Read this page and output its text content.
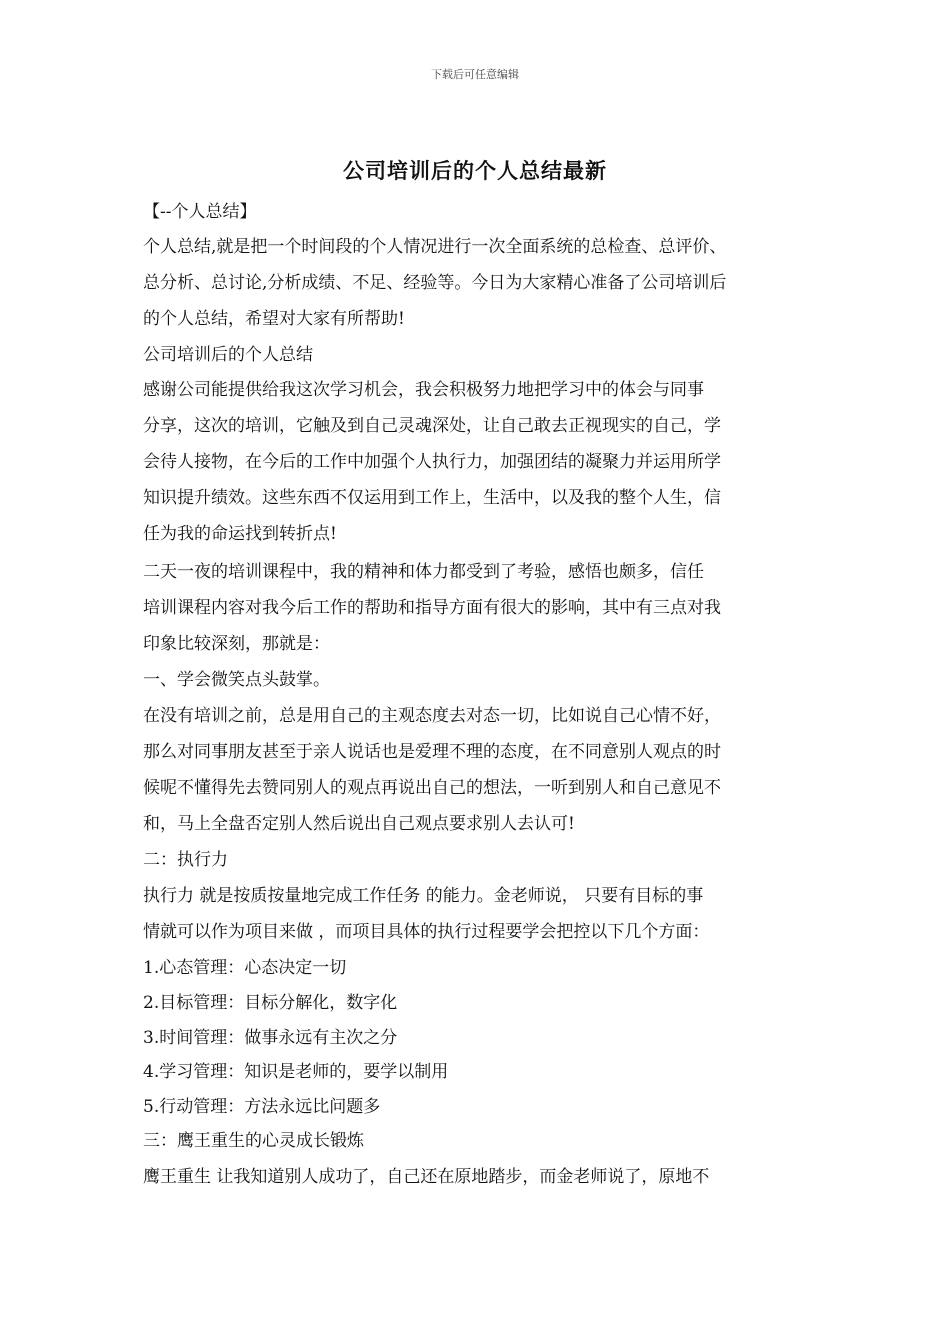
下载后可任意编辑
公司培训后的个人总结最新
【--个人总结】
个人总结,就是把一个时间段的个人情况进行一次全面系统的总检查、总评价、
总分析、总讨论,分析成绩、不足、经验等。今日为大家精心准备了公司培训后
的个人总结，希望对大家有所帮助!
公司培训后的个人总结
感谢公司能提供给我这次学习机会，我会积极努力地把学习中的体会与同事
分享，这次的培训，它触及到自己灵魂深处，让自己敢去正视现实的自己，学
会待人接物，在今后的工作中加强个人执行力，加强团结的凝聚力并运用所学
知识提升绩效。这些东西不仅运用到工作上，生活中，以及我的整个人生，信
任为我的命运找到转折点!
二天一夜的培训课程中，我的精神和体力都受到了考验，感悟也颇多，信任
培训课程内容对我今后工作的帮助和指导方面有很大的影响，其中有三点对我
印象比较深刻，那就是：
一、学会微笑点头鼓掌。
在没有培训之前，总是用自己的主观态度去对态一切，比如说自己心情不好，
那么对同事朋友甚至于亲人说话也是爱理不理的态度，在不同意别人观点的时
候呢不懂得先去赞同别人的观点再说出自己的想法，一听到别人和自己意见不
和，马上全盘否定别人然后说出自己观点要求别人去认可!
二：执行力
执行力 就是按质按量地完成工作任务 的能力。金老师说， 只要有目标的事
情就可以作为项目来做 ，而项目具体的执行过程要学会把控以下几个方面：
1.心态管理：心态决定一切
2.目标管理：目标分解化，数字化
3.时间管理：做事永远有主次之分
4.学习管理：知识是老师的，要学以制用
5.行动管理：方法永远比问题多
三：鹰王重生的心灵成长锻炼
鹰王重生 让我知道别人成功了，自己还在原地踏步，而金老师说了，原地不
